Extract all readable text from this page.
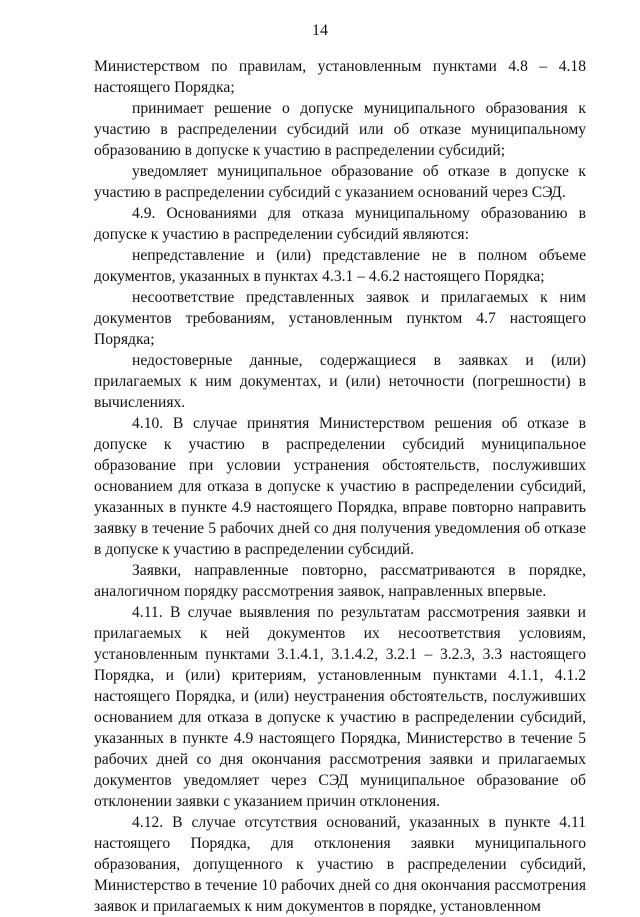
14

Министерством по правилам, установленным пунктами 4.8 – 4.18 настоящего Порядка;

принимает решение о допуске муниципального образования к участию в распределении субсидий или об отказе муниципальному образованию в допуске к участию в распределении субсидий;

уведомляет муниципальное образование об отказе в допуске к участию в распределении субсидий с указанием оснований через СЭД.

4.9. Основаниями для отказа муниципальному образованию в допуске к участию в распределении субсидий являются:

непредставление и (или) представление не в полном объеме документов, указанных в пунктах 4.3.1 – 4.6.2 настоящего Порядка;

несоответствие представленных заявок и прилагаемых к ним документов требованиям, установленным пунктом 4.7 настоящего Порядка;

недостоверные данные, содержащиеся в заявках и (или) прилагаемых к ним документах, и (или) неточности (погрешности) в вычислениях.

4.10. В случае принятия Министерством решения об отказе в допуске к участию в распределении субсидий муниципальное образование при условии устранения обстоятельств, послуживших основанием для отказа в допуске к участию в распределении субсидий, указанных в пункте 4.9 настоящего Порядка, вправе повторно направить заявку в течение 5 рабочих дней со дня получения уведомления об отказе в допуске к участию в распределении субсидий.

Заявки, направленные повторно, рассматриваются в порядке, аналогичном порядку рассмотрения заявок, направленных впервые.

4.11. В случае выявления по результатам рассмотрения заявки и прилагаемых к ней документов их несоответствия условиям, установленным пунктами 3.1.4.1, 3.1.4.2, 3.2.1 – 3.2.3, 3.3 настоящего Порядка, и (или) критериям, установленным пунктами 4.1.1, 4.1.2 настоящего Порядка, и (или) неустранения обстоятельств, послуживших основанием для отказа в допуске к участию в распределении субсидий, указанных в пункте 4.9 настоящего Порядка, Министерство в течение 5 рабочих дней со дня окончания рассмотрения заявки и прилагаемых документов уведомляет через СЭД муниципальное образование об отклонении заявки с указанием причин отклонения.

4.12. В случае отсутствия оснований, указанных в пункте 4.11 настоящего Порядка, для отклонения заявки муниципального образования, допущенного к участию в распределении субсидий, Министерство в течение 10 рабочих дней со дня окончания рассмотрения заявок и прилагаемых к ним документов в порядке, установленном
